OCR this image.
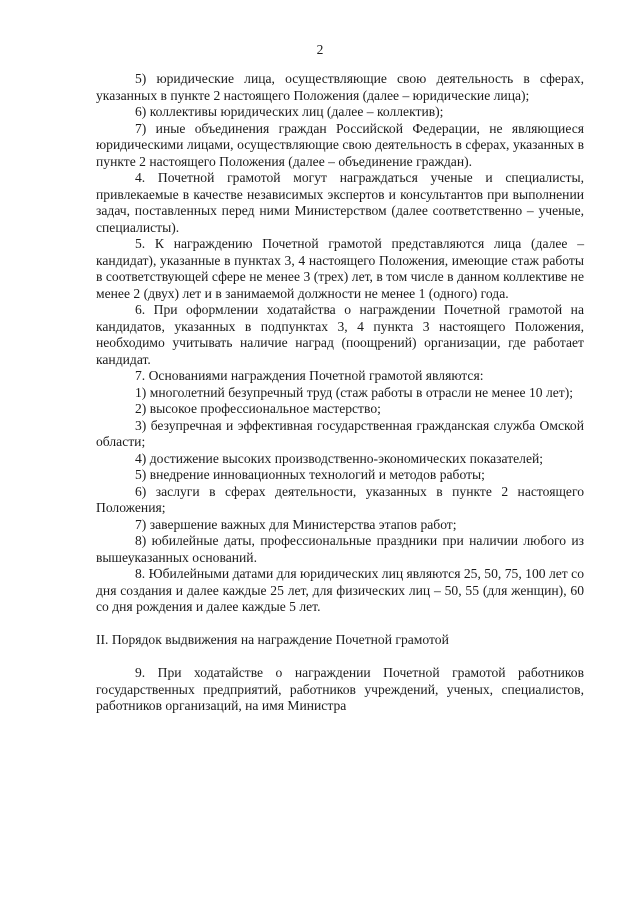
2

5) юридические лица, осуществляющие свою деятельность в сферах, указанных в пункте 2 настоящего Положения (далее – юридические лица);

6) коллективы юридических лиц (далее – коллектив);

7) иные объединения граждан Российской Федерации, не являющиеся юридическими лицами, осуществляющие свою деятельность в сферах, указанных в пункте 2 настоящего Положения (далее – объединение граждан).

4. Почетной грамотой могут награждаться ученые и специалисты, привлекаемые в качестве независимых экспертов и консультантов при выполнении задач, поставленных перед ними Министерством (далее соответственно – ученые, специалисты).

5. К награждению Почетной грамотой представляются лица (далее – кандидат), указанные в пунктах 3, 4 настоящего Положения, имеющие стаж работы в соответствующей сфере не менее 3 (трех) лет, в том числе в данном коллективе не менее 2 (двух) лет и в занимаемой должности не менее 1 (одного) года.

6. При оформлении ходатайства о награждении Почетной грамотой на кандидатов, указанных в подпунктах 3, 4 пункта 3 настоящего Положения, необходимо учитывать наличие наград (поощрений) организации, где работает кандидат.

7. Основаниями награждения Почетной грамотой являются:

1) многолетний безупречный труд (стаж работы в отрасли не менее 10 лет);

2) высокое профессиональное мастерство;

3) безупречная и эффективная государственная гражданская служба Омской области;

4) достижение высоких производственно-экономических показателей;

5) внедрение инновационных технологий и методов работы;

6) заслуги в сферах деятельности, указанных в пункте 2 настоящего Положения;

7) завершение важных для Министерства этапов работ;

8) юбилейные даты, профессиональные праздники при наличии любого из вышеуказанных оснований.

8. Юбилейными датами для юридических лиц являются 25, 50, 75, 100 лет со дня создания и далее каждые 25 лет, для физических лиц – 50, 55 (для женщин), 60 со дня рождения и далее каждые 5 лет.

II. Порядок выдвижения на награждение Почетной грамотой

9. При ходатайстве о награждении Почетной грамотой работников государственных предприятий, работников учреждений, ученых, специалистов, работников организаций, на имя Министра
